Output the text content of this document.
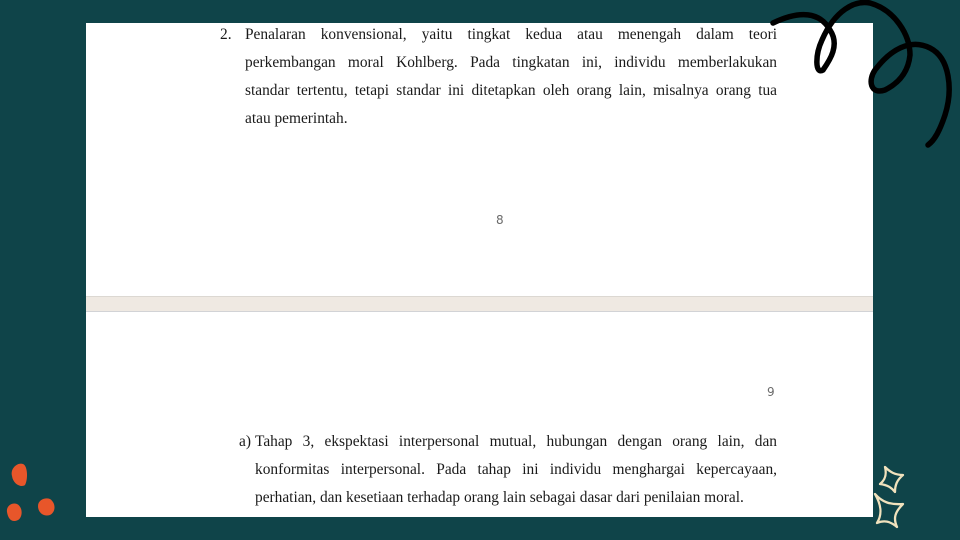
2. Penalaran konvensional, yaitu tingkat kedua atau menengah dalam teori
perkembangan moral Kohlberg. Pada tingkatan ini, individu memberlakukan
standar tertentu, tetapi standar ini ditetapkan oleh orang lain, misalnya orang tua
atau pemerintah.
8
9
a) Tahap 3, ekspektasi interpersonal mutual, hubungan dengan orang lain, dan
konformitas interpersonal. Pada tahap ini individu menghargai kepercayaan,
perhatian, dan kesetiaan terhadap orang lain sebagai dasar dari penilaian moral.
